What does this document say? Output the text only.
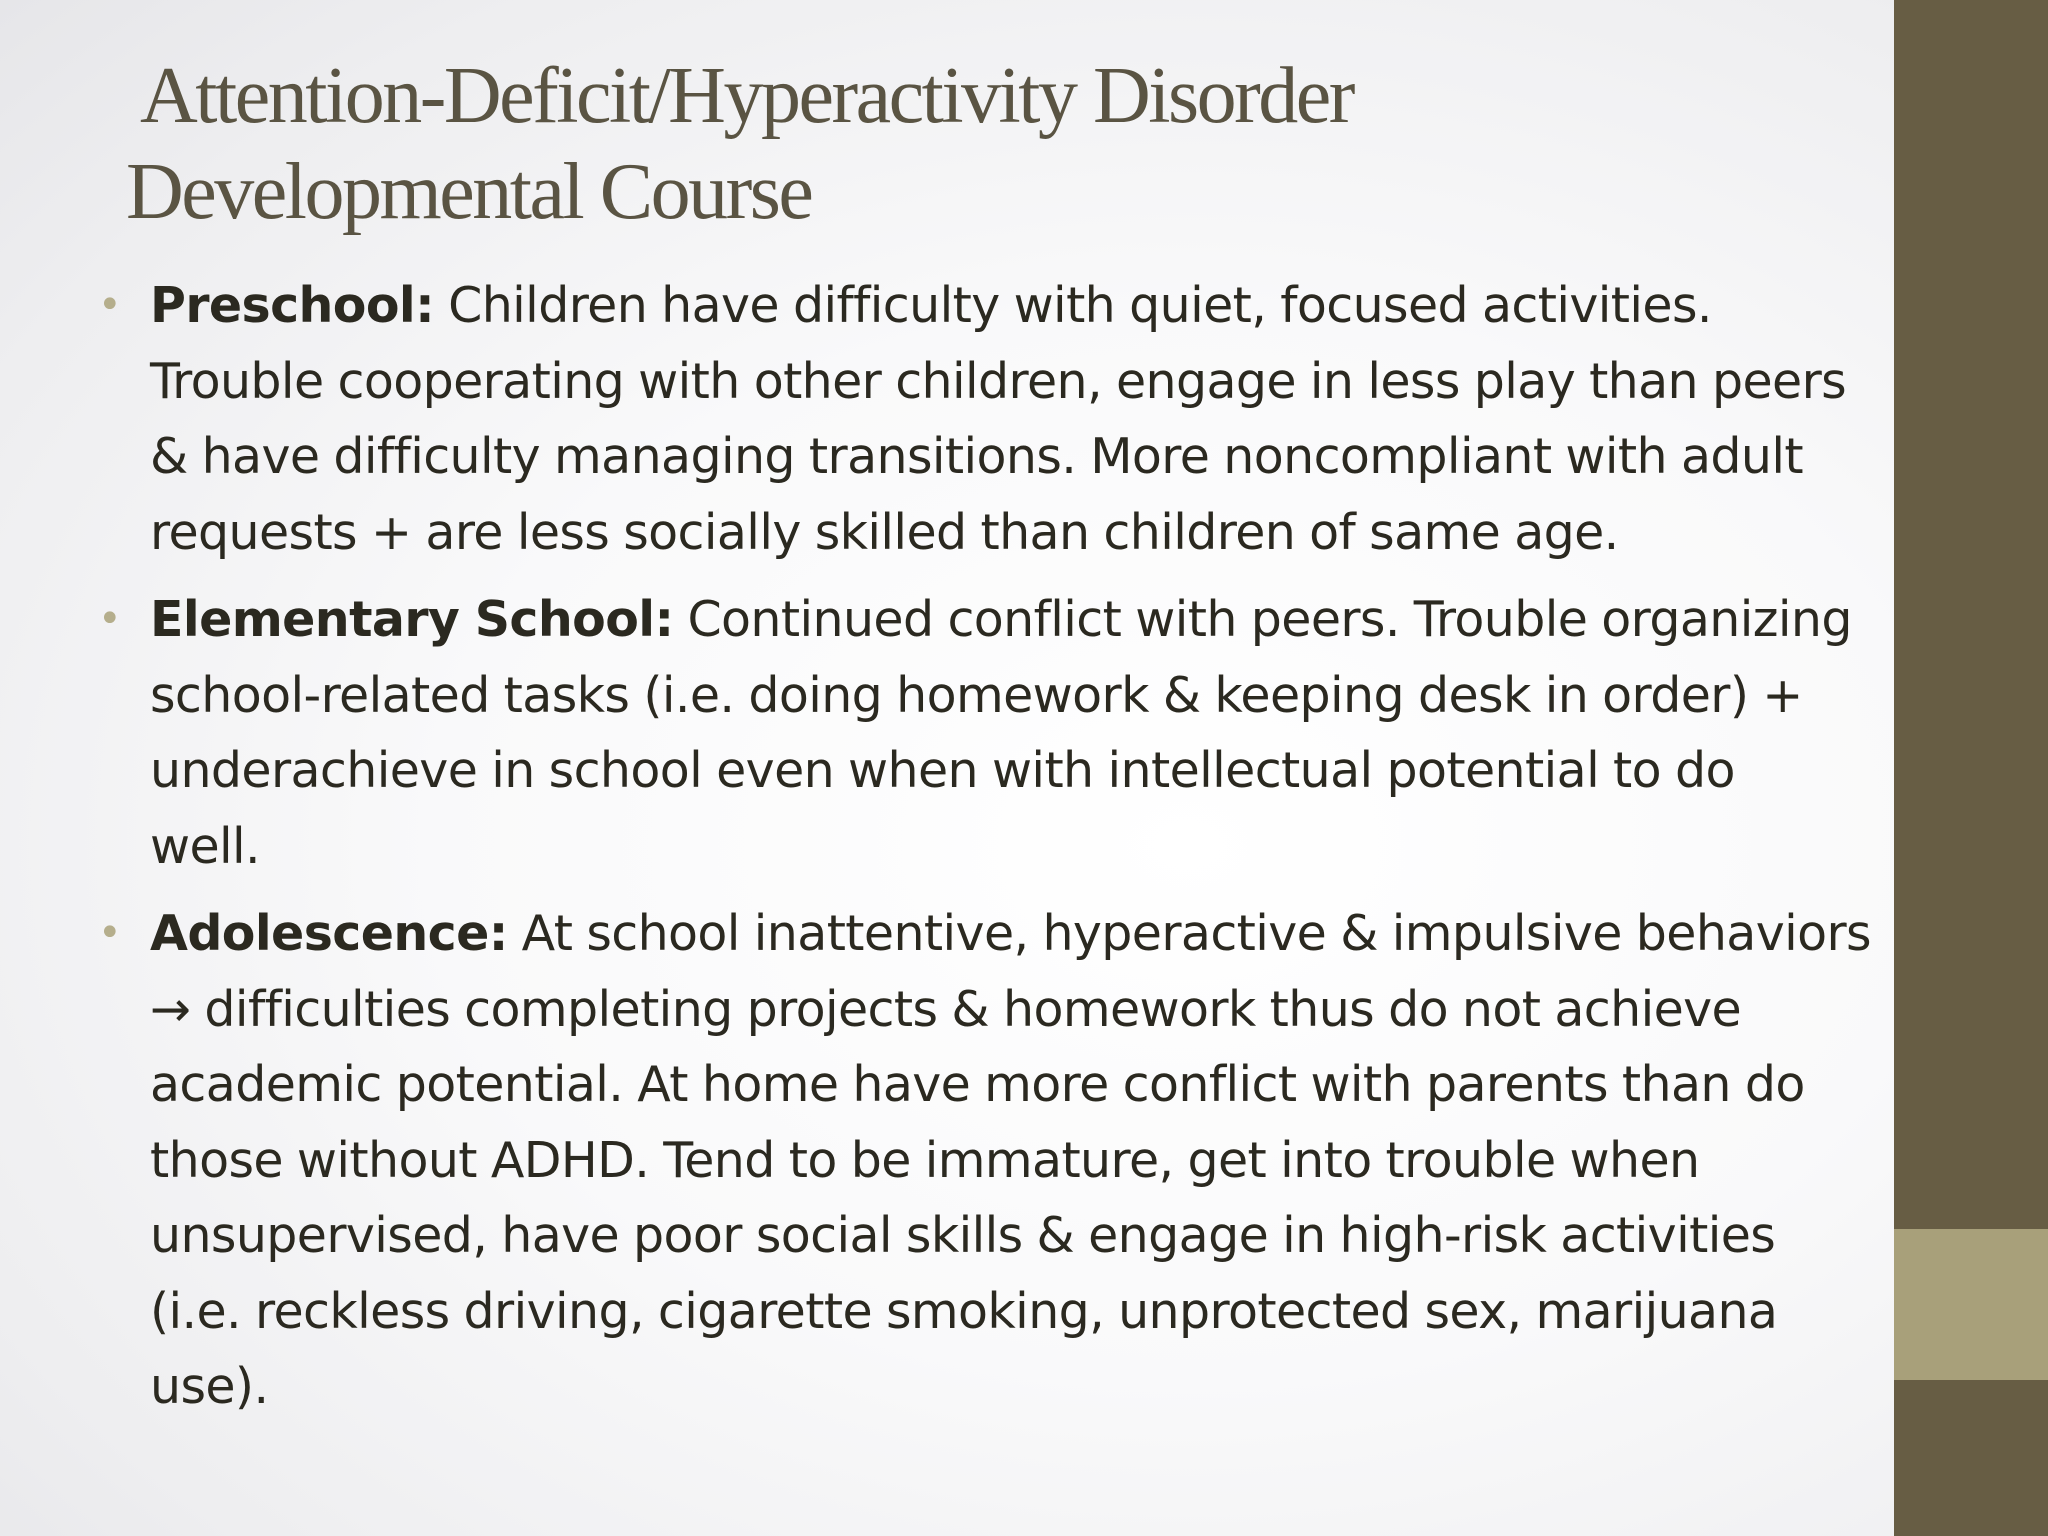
Attention-Deficit/Hyperactivity Disorder
Developmental Course
• Preschool: Children have difficulty with quiet, focused activities.
Trouble cooperating with other children, engage in less play than peers
& have difficulty managing transitions. More noncompliant with adult
requests + are less socially skilled than children of same age.
• Elementary School: Continued conflict with peers. Trouble organizing
school-related tasks (i.e. doing homework & keeping desk in order) +
underachieve in school even when with intellectual potential to do
well.
• Adolescence: At school inattentive, hyperactive & impulsive behaviors
→ difficulties completing projects & homework thus do not achieve
academic potential. At home have more conflict with parents than do
those without ADHD. Tend to be immature, get into trouble when
unsupervised, have poor social skills & engage in high-risk activities
(i.e. reckless driving, cigarette smoking, unprotected sex, marijuana
use).
